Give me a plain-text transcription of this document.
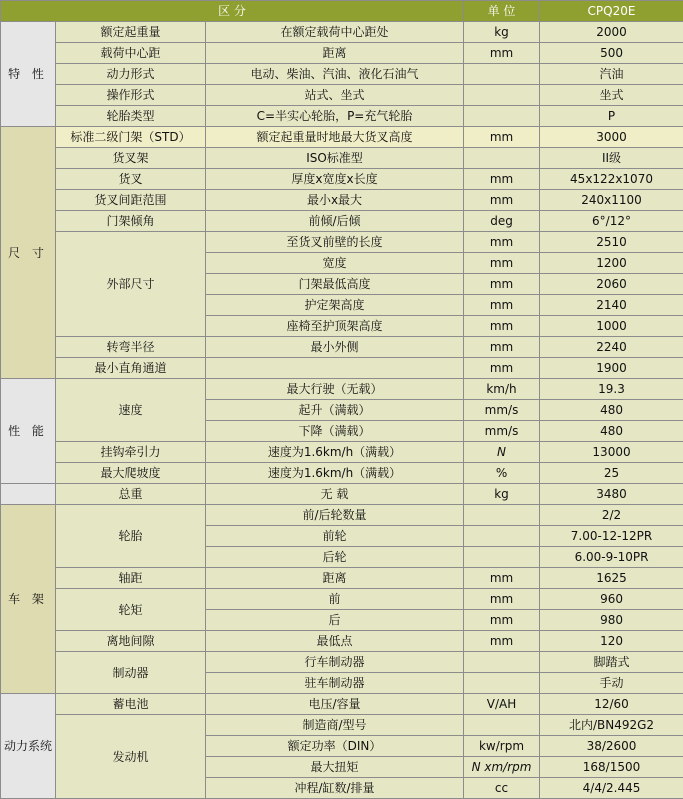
区 分			单 位	CPQ20E
特 性	额定起重量	在额定载荷中心距处	kg	2000
	载荷中心距	距离	mm	500
	动力形式	电动、柴油、汽油、液化石油气		汽油
	操作形式	站式、坐式		坐式
	轮胎类型	C=半实心轮胎，P=充气轮胎		P
尺 寸	标准二级门架（STD）	额定起重量时地最大货叉高度	mm	3000
	货叉架	ISO标准型		II级
	货叉	厚度x宽度x长度	mm	45x122x1070
	货叉间距范围	最小x最大	mm	240x1100
	门架倾角	前倾/后倾	deg	6°/12°
	外部尺寸	至货叉前壁的长度	mm	2510
		宽度	mm	1200
		门架最低高度	mm	2060
		护定架高度	mm	2140
		座椅至护顶架高度	mm	1000
	转弯半径	最小外侧	mm	2240
	最小直角通道		mm	1900
性 能	速度	最大行驶（无载）	km/h	19.3
		起升（满载）	mm/s	480
		下降（满载）	mm/s	480
	挂钩牵引力	速度为1.6km/h（满载）	N	13000
	最大爬坡度	速度为1.6km/h（满载）	%	25
	总重	无 载	kg	3480
车 架	轮胎	前/后轮数量		2/2
		前轮		7.00-12-12PR
		后轮		6.00-9-10PR
	轴距	距离	mm	1625
	轮矩	前	mm	960
		后	mm	980
	离地间隙	最低点	mm	120
	制动器	行车制动器		脚踏式
		驻车制动器		手动
动力系统	蓄电池	电压/容量	V/AH	12/60
	发动机	制造商/型号		北内/BN492G2
		额定功率（DIN）	kw/rpm	38/2600
		最大扭矩	N xm/rpm	168/1500
		冲程/缸数/排量	cc	4/4/2.445
